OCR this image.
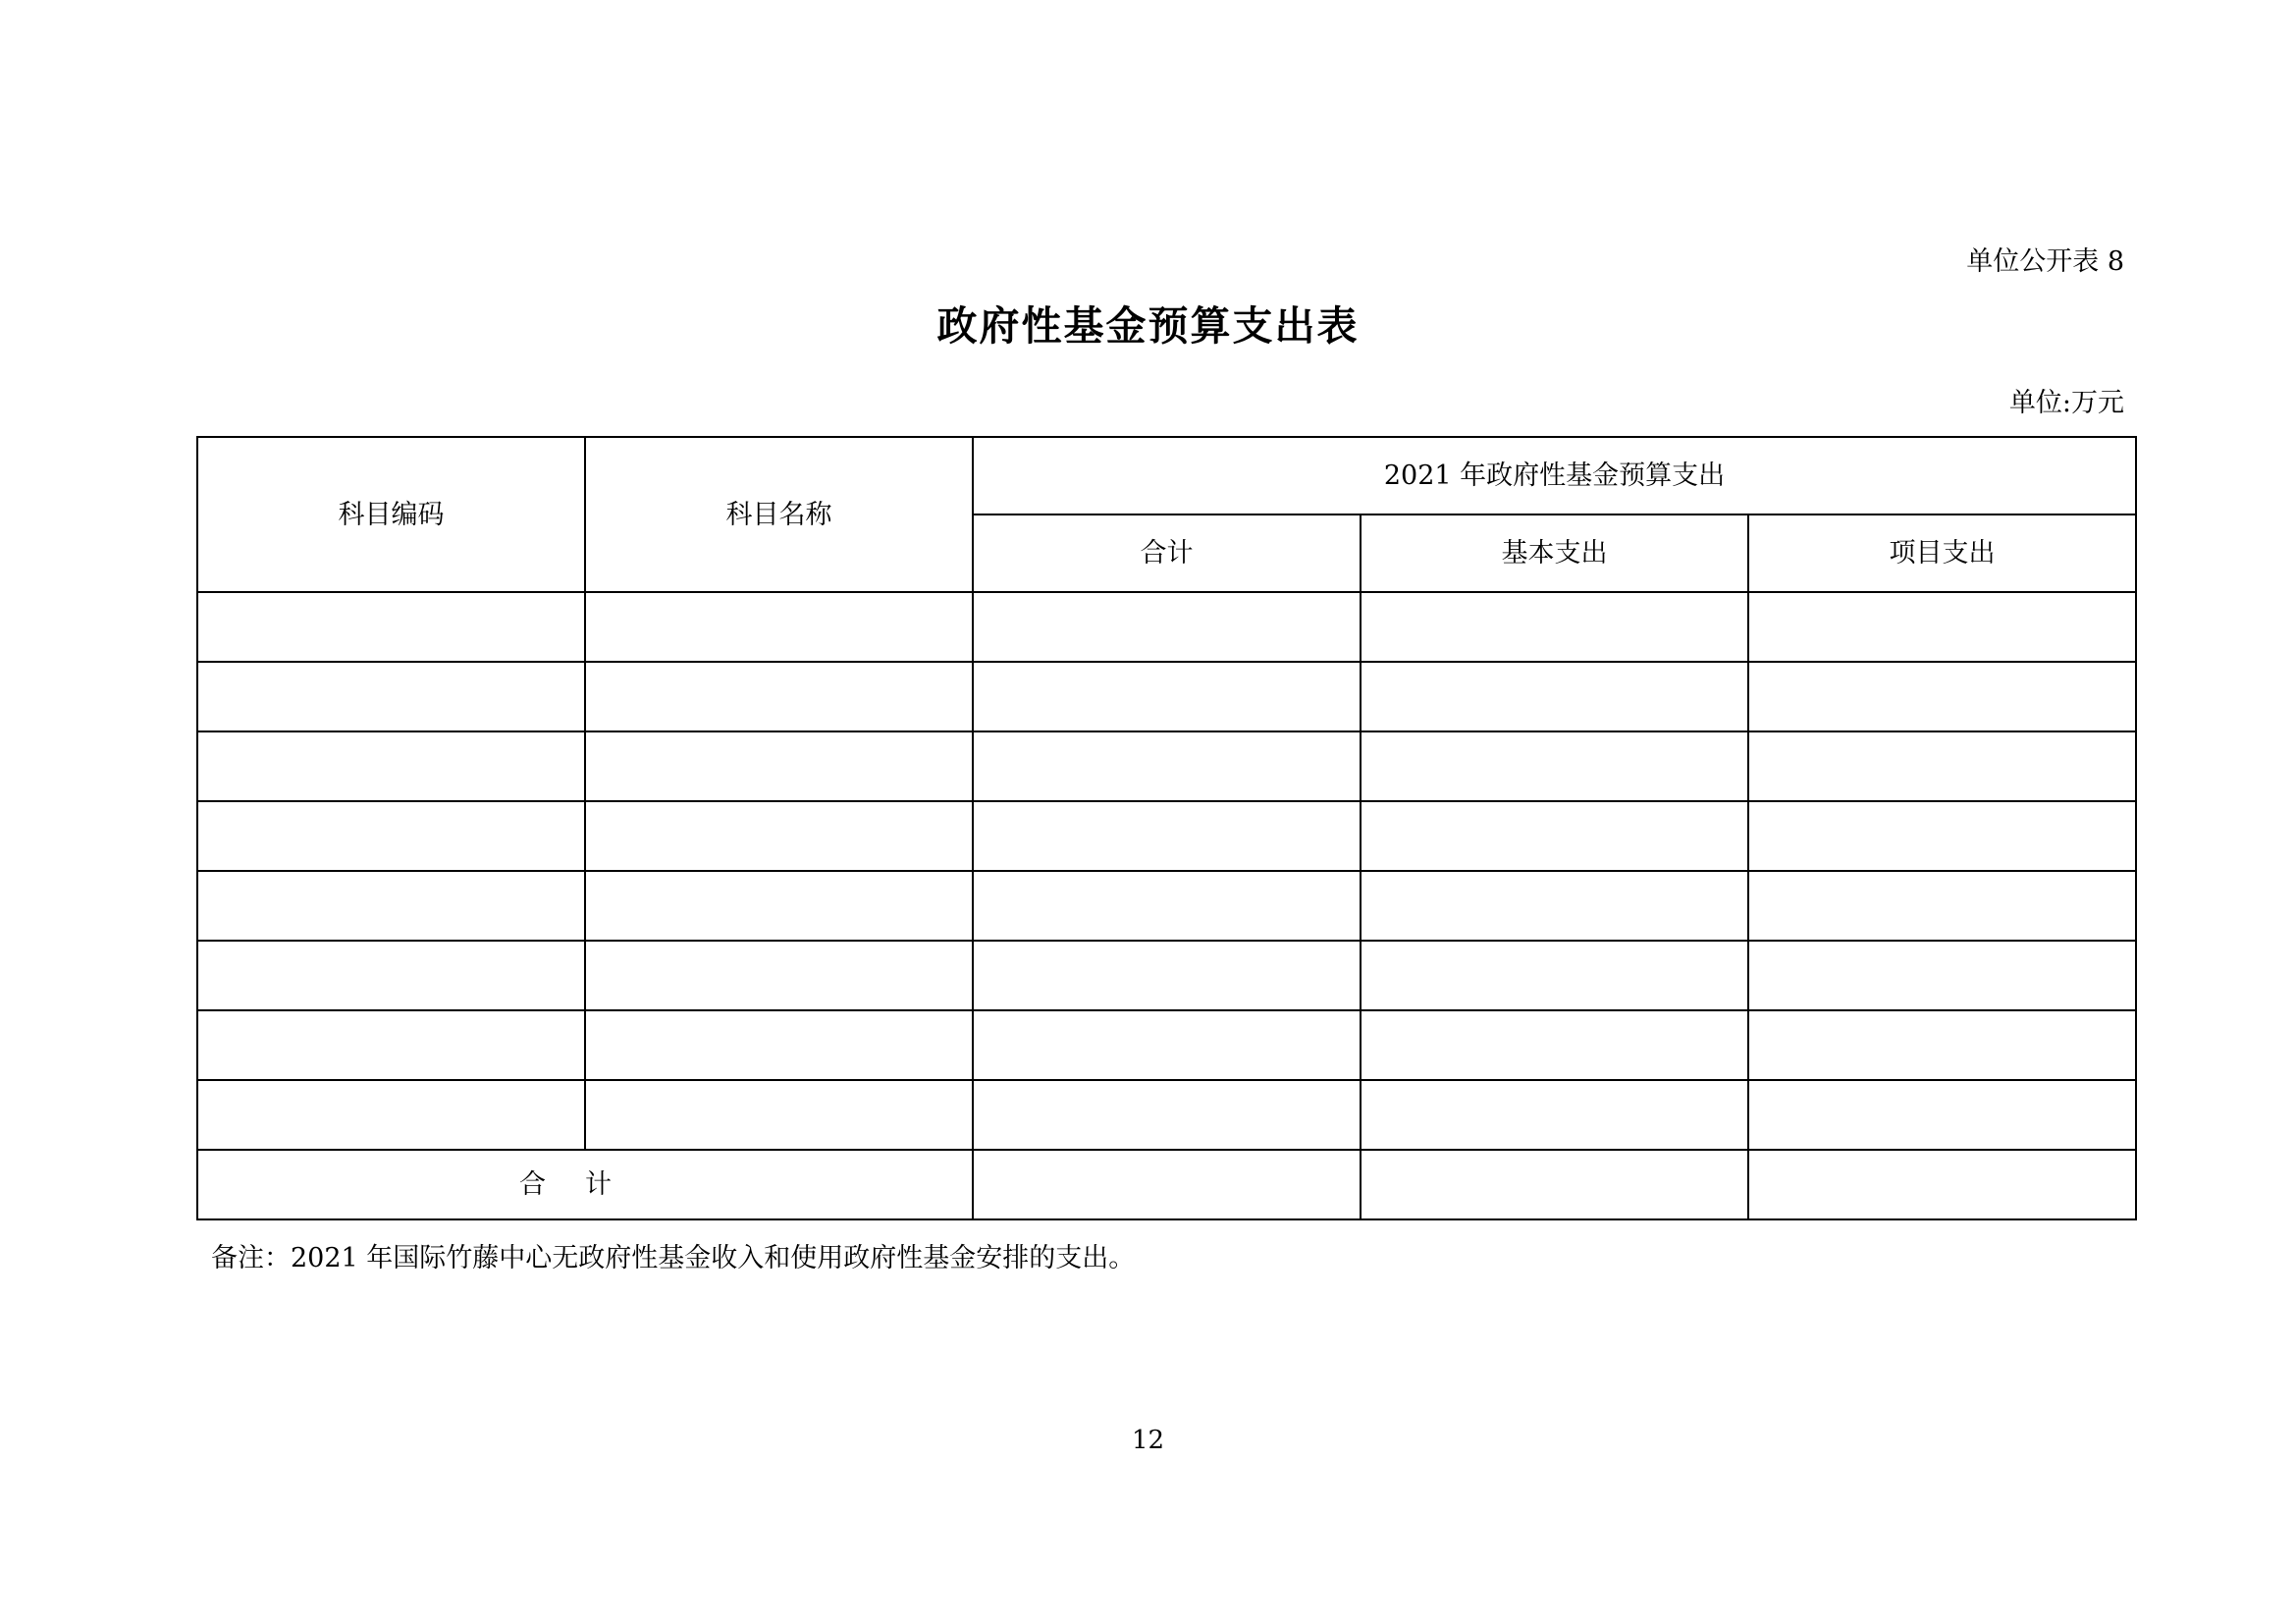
单位公开表 8
政府性基金预算支出表
单位:万元
科目编码	科目名称	2021 年政府性基金预算支出		
		合计	基本支出	项目支出

合计				
备注：2021 年国际竹藤中心无政府性基金收入和使用政府性基金安排的支出。
12
